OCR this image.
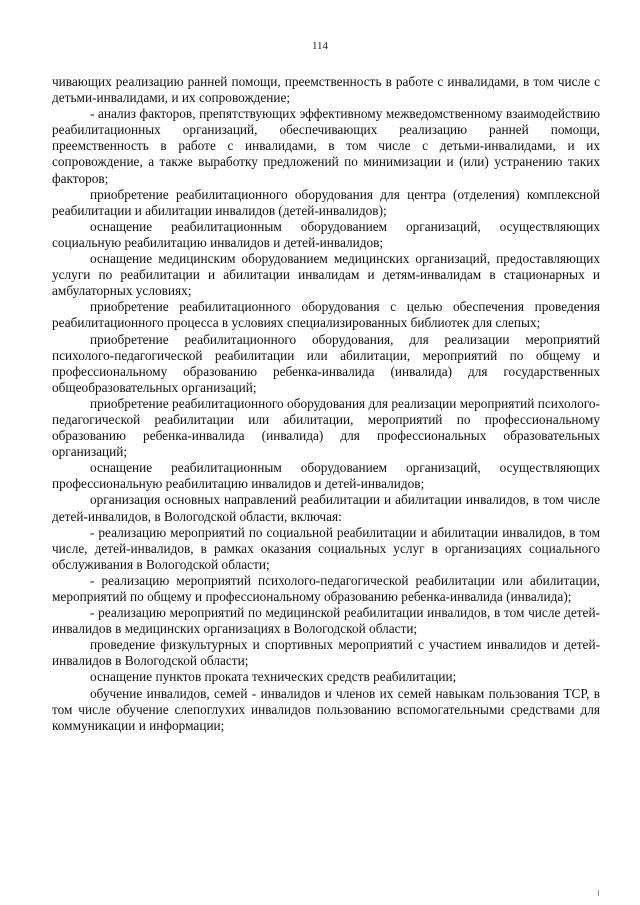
114

чивающих реализацию ранней помощи, преемственность в работе с инвалидами, в том числе с детьми-инвалидами, и их сопровождение;

- анализ факторов, препятствующих эффективному межведомственному взаимодействию реабилитационных организаций, обеспечивающих реализацию ранней помощи, преемственность в работе с инвалидами, в том числе с детьми-инвалидами, и их сопровождение, а также выработку предложений по минимизации и (или) устранению таких факторов;

приобретение реабилитационного оборудования для центра (отделения) комплексной реабилитации и абилитации инвалидов (детей-инвалидов);

оснащение реабилитационным оборудованием организаций, осуществляющих социальную реабилитацию инвалидов и детей-инвалидов;

оснащение медицинским оборудованием медицинских организаций, предоставляющих услуги по реабилитации и абилитации инвалидам и детям-инвалидам в стационарных и амбулаторных условиях;

приобретение реабилитационного оборудования с целью обеспечения проведения реабилитационного процесса в условиях специализированных библиотек для слепых;

приобретение реабилитационного оборудования, для реализации мероприятий психолого-педагогической реабилитации или абилитации, мероприятий по общему и профессиональному образованию ребенка-инвалида (инвалида) для государственных общеобразовательных организаций;

приобретение реабилитационного оборудования для реализации мероприятий психолого-педагогической реабилитации или абилитации, мероприятий по профессиональному образованию ребенка-инвалида (инвалида) для профессиональных образовательных организаций;

оснащение реабилитационным оборудованием организаций, осуществляющих профессиональную реабилитацию инвалидов и детей-инвалидов;

организация основных направлений реабилитации и абилитации инвалидов, в том числе детей-инвалидов, в Вологодской области, включая:

- реализацию мероприятий по социальной реабилитации и абилитации инвалидов, в том числе, детей-инвалидов, в рамках оказания социальных услуг в организациях социального обслуживания в Вологодской области;

- реализацию мероприятий психолого-педагогической реабилитации или абилитации, мероприятий по общему и профессиональному образованию ребенка-инвалида (инвалида);

- реализацию мероприятий по медицинской реабилитации инвалидов, в том числе детей-инвалидов в медицинских организациях в Вологодской области;

проведение физкультурных и спортивных мероприятий с участием инвалидов и детей-инвалидов в Вологодской области;

оснащение пунктов проката технических средств реабилитации;

обучение инвалидов, семей - инвалидов и членов их семей навыкам пользования ТСР, в том числе обучение слепоглухих инвалидов пользованию вспомогательными средствами для коммуникации и информации;
